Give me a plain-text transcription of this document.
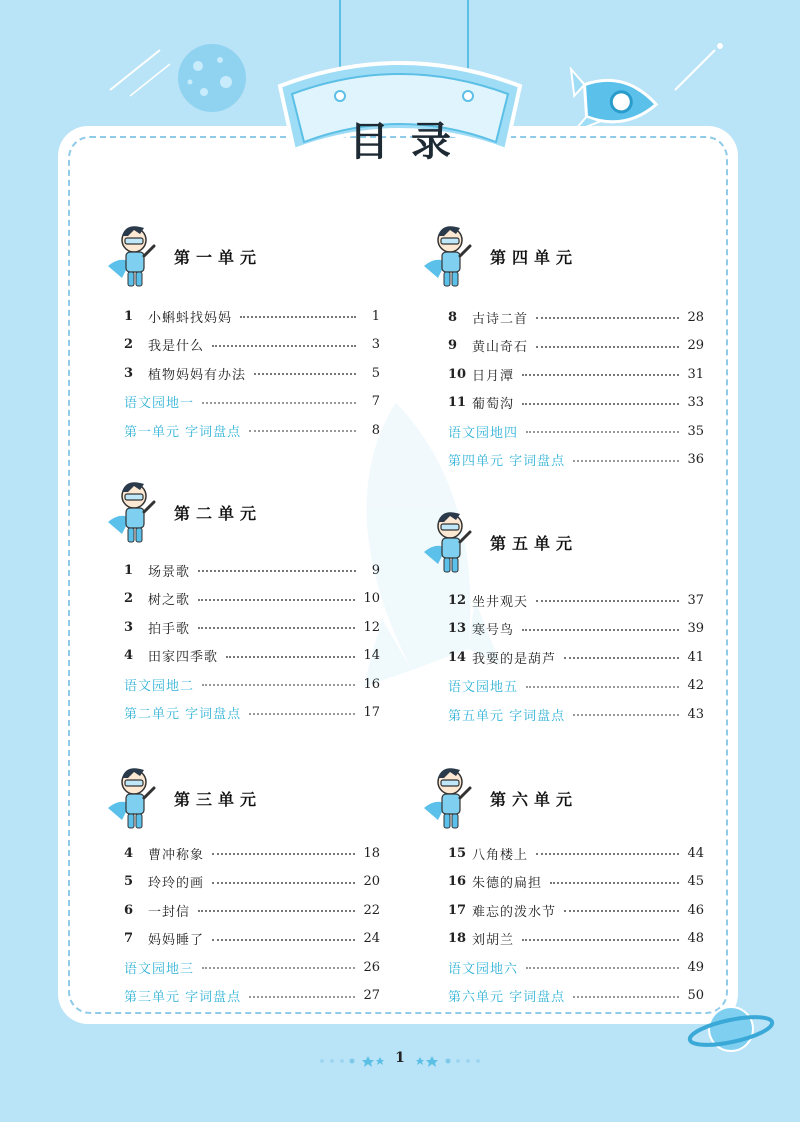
目录
第一单元
1	小蝌蚪找妈妈	1
2	我是什么	3
3	植物妈妈有办法	5
语文园地一	7
第一单元 字词盘点	8
第二单元
1	场景歌	9
2	树之歌	10
3	拍手歌	12
4	田家四季歌	14
语文园地二	16
第二单元 字词盘点	17
第三单元
4	曹冲称象	18
5	玲玲的画	20
6	一封信	22
7	妈妈睡了	24
语文园地三	26
第三单元 字词盘点	27
第四单元
8	古诗二首	28
9	黄山奇石	29
10 日月潭	31
11 葡萄沟	33
语文园地四	35
第四单元 字词盘点	36
第五单元
12 坐井观天	37
13 寒号鸟	39
14 我要的是葫芦	41
语文园地五	42
第五单元 字词盘点	43
第六单元
15 八角楼上	44
16 朱德的扁担	45
17 难忘的泼水节	46
18 刘胡兰	48
语文园地六	49
第六单元 字词盘点	50
1
